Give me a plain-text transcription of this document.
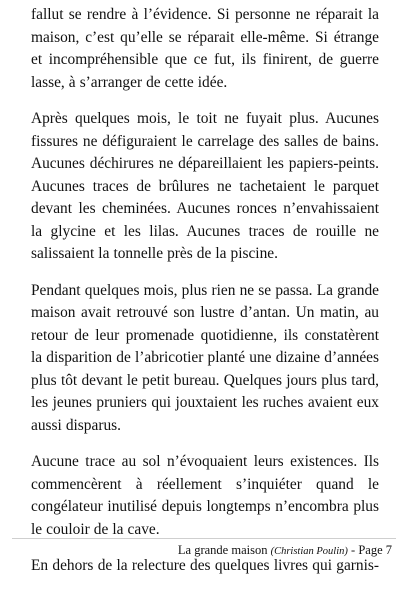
fallut se rendre à l’évidence. Si personne ne réparait la maison, c’est qu’elle se réparait elle-même. Si étrange et incompréhensible que ce fut, ils finirent, de guerre lasse, à s’arranger de cette idée.

Après quelques mois, le toit ne fuyait plus. Aucunes fissures ne défiguraient le carrelage des salles de bains. Aucunes déchirures ne dépareillaient les papiers-peints. Aucunes traces de brûlures ne tachetaient le parquet devant les cheminées. Aucunes ronces n’envahissaient la glycine et les lilas. Aucunes traces de rouille ne salissaient la tonnelle près de la piscine.

Pendant quelques mois, plus rien ne se passa. La grande maison avait retrouvé son lustre d’antan. Un matin, au retour de leur promenade quotidienne, ils constatèrent la disparition de l’abricotier planté une dizaine d’années plus tôt devant le petit bureau. Quelques jours plus tard, les jeunes pruniers qui jouxtaient les ruches avaient eux aussi disparus.

Aucune trace au sol n’évoquaient leurs existences. Ils commencèrent à réellement s’inquiéter quand le congélateur inutilisé depuis longtemps n’encombra plus le couloir de la cave.

En dehors de la relecture des quelques livres qui garnis-

La grande maison (Christian Poulin) - Page 7
